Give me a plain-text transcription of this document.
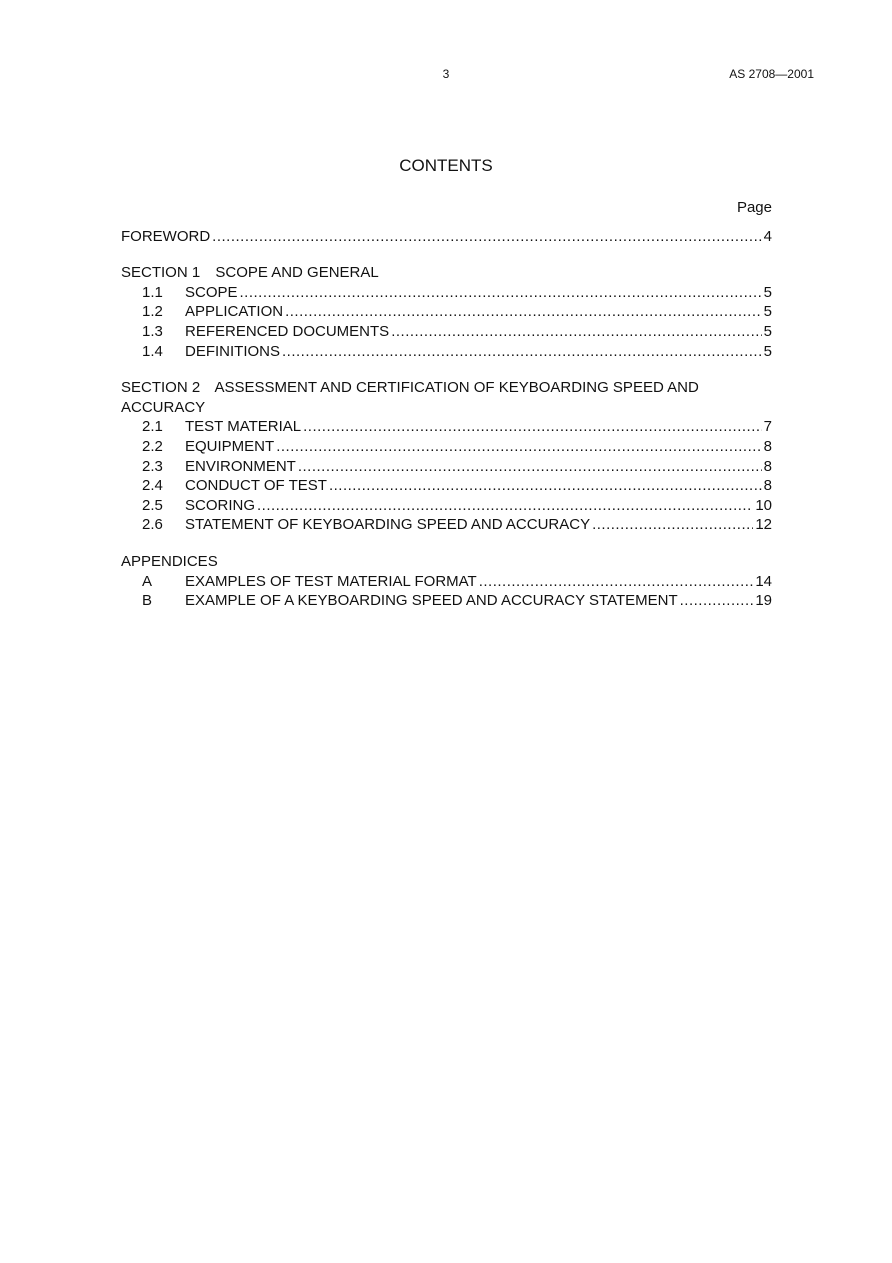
3	AS 2708—2001
CONTENTS
Page
FOREWORD .....	4
SECTION 1 SCOPE AND GENERAL
1.1	SCOPE .....	5
1.2	APPLICATION .....	5
1.3	REFERENCED DOCUMENTS .....	5
1.4	DEFINITIONS .....	5
SECTION 2 ASSESSMENT AND CERTIFICATION OF KEYBOARDING SPEED AND ACCURACY
2.1	TEST MATERIAL .....	7
2.2	EQUIPMENT .....	8
2.3	ENVIRONMENT .....	8
2.4	CONDUCT OF TEST .....	8
2.5	SCORING .....	10
2.6	STATEMENT OF KEYBOARDING SPEED AND ACCURACY .....	12
APPENDICES
A	EXAMPLES OF TEST MATERIAL FORMAT .....	14
B	EXAMPLE OF A KEYBOARDING SPEED AND ACCURACY STATEMENT .....	19
